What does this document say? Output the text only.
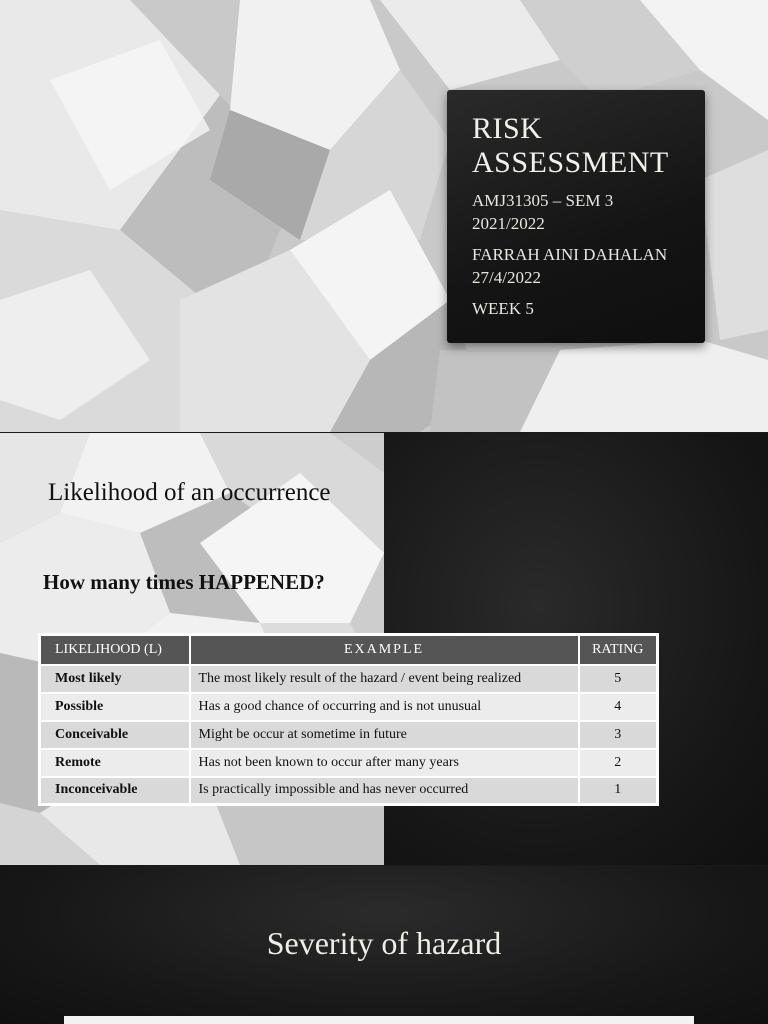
RISK
ASSESSMENT
AMJ31305 – SEM 3
2021/2022
FARRAH AINI DAHALAN
27/4/2022
WEEK 5
Likelihood of an occurrence
How many times HAPPENED?
LIKELIHOOD (L)	EXAMPLE	RATING
Most likely	The most likely result of the hazard / event being realized	5
Possible	Has a good chance of occurring and is not unusual	4
Conceivable	Might be occur at sometime in future	3
Remote	Has not been known to occur after many years	2
Inconceivable	Is practically impossible and has never occurred	1
Severity of hazard
